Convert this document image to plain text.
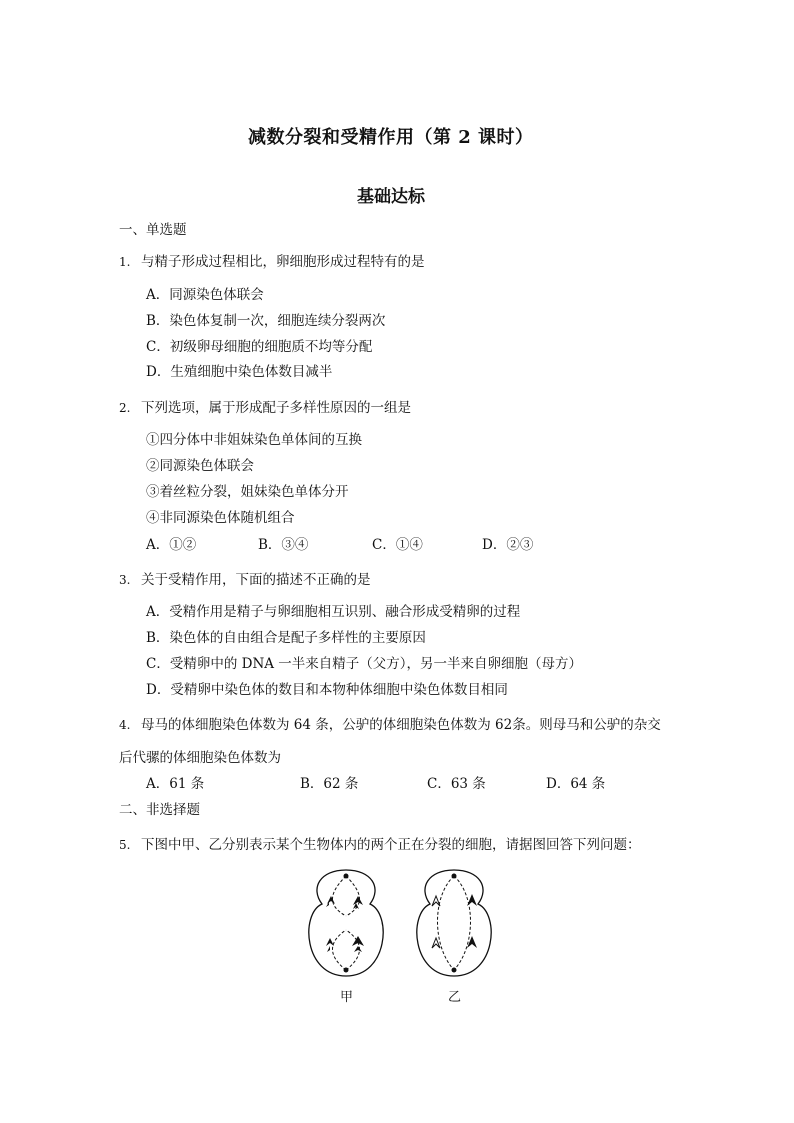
减数分裂和受精作用（第 2 课时）
基础达标
一、单选题
1. 与精子形成过程相比，卵细胞形成过程特有的是
A．同源染色体联会
B．染色体复制一次，细胞连续分裂两次
C．初级卵母细胞的细胞质不均等分配
D．生殖细胞中染色体数目减半
2. 下列选项，属于形成配子多样性原因的一组是
①四分体中非姐妹染色单体间的互换
②同源染色体联会
③着丝粒分裂，姐妹染色单体分开
④非同源染色体随机组合
A．①②	B．③④	C．①④	D．②③
3. 关于受精作用，下面的描述不正确的是
A．受精作用是精子与卵细胞相互识别、融合形成受精卵的过程
B．染色体的自由组合是配子多样性的主要原因
C．受精卵中的 DNA 一半来自精子（父方），另一半来自卵细胞（母方）
D．受精卵中染色体的数目和本物种体细胞中染色体数目相同
4. 母马的体细胞染色体数为 64 条，公驴的体细胞染色体数为 62条。则母马和公驴的杂交
后代骡的体细胞染色体数为
A．61 条	B．62 条	C．63 条	D．64 条
二、非选择题
5. 下图中甲、乙分别表示某个生物体内的两个正在分裂的细胞，请据图回答下列问题：
甲	乙
